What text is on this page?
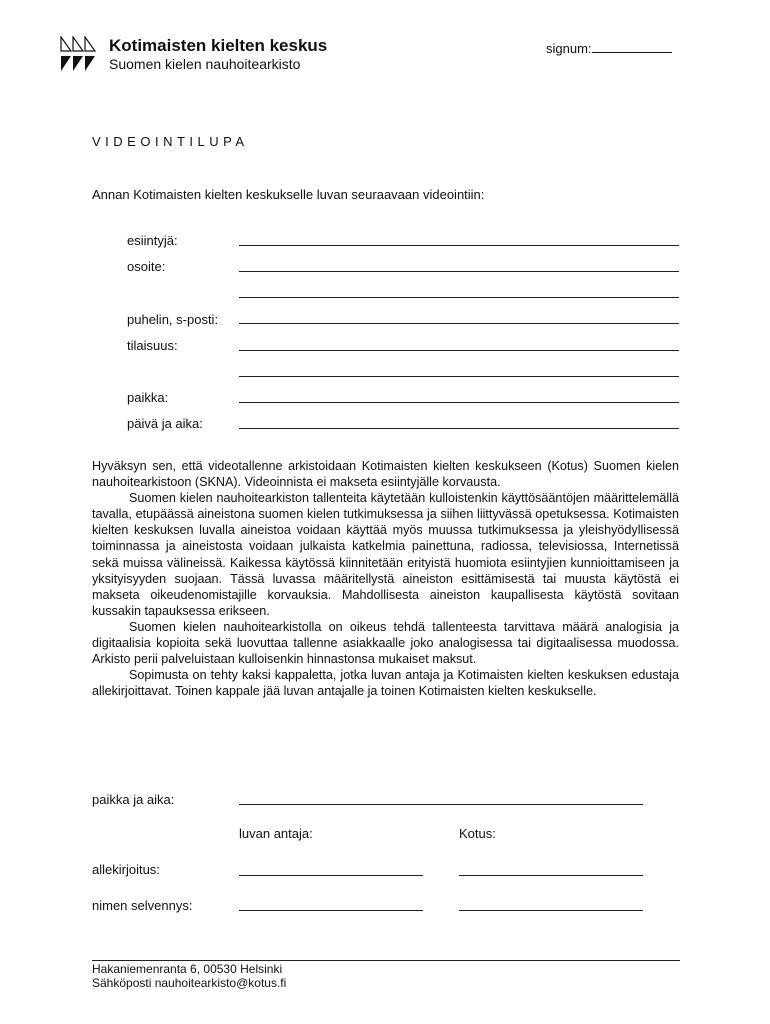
Kotimaisten kielten keskus
Suomen kielen nauhoitearkisto
signum:
VIDEOINTILUPA
Annan Kotimaisten kielten keskukselle luvan seuraavaan videointiin:
esiintyjä:
osoite:
puhelin, s-posti:
tilaisuus:
paikka:
päivä ja aika:

Hyväksyn sen, että videotallenne arkistoidaan Kotimaisten kielten keskukseen (Kotus) Suomen kielen nauhoitearkistoon (SKNA). Videoinnista ei makseta esiintyjälle korvausta.

Suomen kielen nauhoitearkiston tallenteita käytetään kulloistenkin käyttösääntöjen määrittelemällä tavalla, etupäässä aineistona suomen kielen tutkimuksessa ja siihen liittyvässä opetuksessa. Kotimaisten kielten keskuksen luvalla aineistoa voidaan käyttää myös muussa tutkimuksessa ja yleishyödyllisessä toiminnassa ja aineistosta voidaan julkaista katkelmia painettuna, radiossa, televisiossa, Internetissä sekä muissa välineissä. Kaikessa käytössä kiinnitetään erityistä huomiota esiintyjien kunnioittamiseen ja yksityisyyden suojaan. Tässä luvassa määritellystä aineiston esittämisestä tai muusta käytöstä ei makseta oikeudenomistajille korvauksia. Mahdollisesta aineiston kaupallisesta käytöstä sovitaan kussakin tapauksessa erikseen.

Suomen kielen nauhoitearkistolla on oikeus tehdä tallenteesta tarvittava määrä analogisia ja digitaalisia kopioita sekä luovuttaa tallenne asiakkaalle joko analogisessa tai digitaalisessa muodossa. Arkisto perii palveluistaan kulloisenkin hinnastonsa mukaiset maksut.

Sopimusta on tehty kaksi kappaletta, jotka luvan antaja ja Kotimaisten kielten keskuksen edustaja allekirjoittavat. Toinen kappale jää luvan antajalle ja toinen Kotimaisten kielten keskukselle.

paikka ja aika:
luvan antaja:	Kotus:
allekirjoitus:
nimen selvennys:
Hakaniemenranta 6, 00530 Helsinki
Sähköposti nauhoitearkisto@kotus.fi
